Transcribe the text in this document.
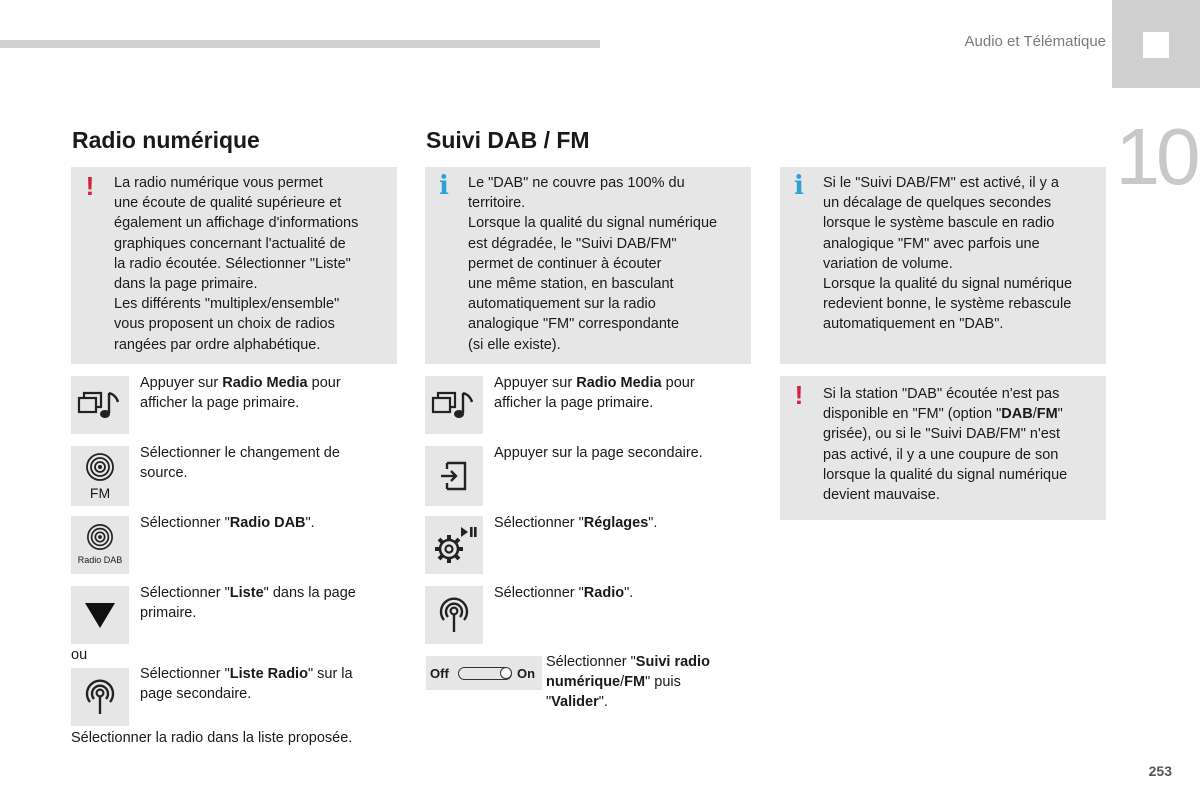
Audio et Télématique
10
Radio numérique
! La radio numérique vous permet
une écoute de qualité supérieure et
également un affichage d'informations
graphiques concernant l'actualité de
la radio écoutée. Sélectionner "Liste"
dans la page primaire.
Les différents "multiplex/ensemble"
vous proposent un choix de radios
rangées par ordre alphabétique.
Appuyer sur Radio Media pour
afficher la page primaire.
FM
Sélectionner le changement de
source.
Radio DAB
Sélectionner "Radio DAB".
Sélectionner "Liste" dans la page
primaire.
ou
Sélectionner "Liste Radio" sur la
page secondaire.
Sélectionner la radio dans la liste proposée.
Suivi DAB / FM
i Le "DAB" ne couvre pas 100% du
territoire.
Lorsque la qualité du signal numérique
est dégradée, le "Suivi DAB/FM"
permet de continuer à écouter
une même station, en basculant
automatiquement sur la radio
analogique "FM" correspondante
(si elle existe).
Appuyer sur Radio Media pour
afficher la page primaire.
Appuyer sur la page secondaire.
Sélectionner "Réglages".
Sélectionner "Radio".
Off	On
Sélectionner "Suivi radio
numérique/FM" puis
"Valider".
i Si le "Suivi DAB/FM" est activé, il y a
un décalage de quelques secondes
lorsque le système bascule en radio
analogique "FM" avec parfois une
variation de volume.
Lorsque la qualité du signal numérique
redevient bonne, le système rebascule
automatiquement en "DAB".
! Si la station "DAB" écoutée n'est pas
disponible en "FM" (option "DAB/FM"
grisée), ou si le "Suivi DAB/FM" n'est
pas activé, il y a une coupure de son
lorsque la qualité du signal numérique
devient mauvaise.
253
